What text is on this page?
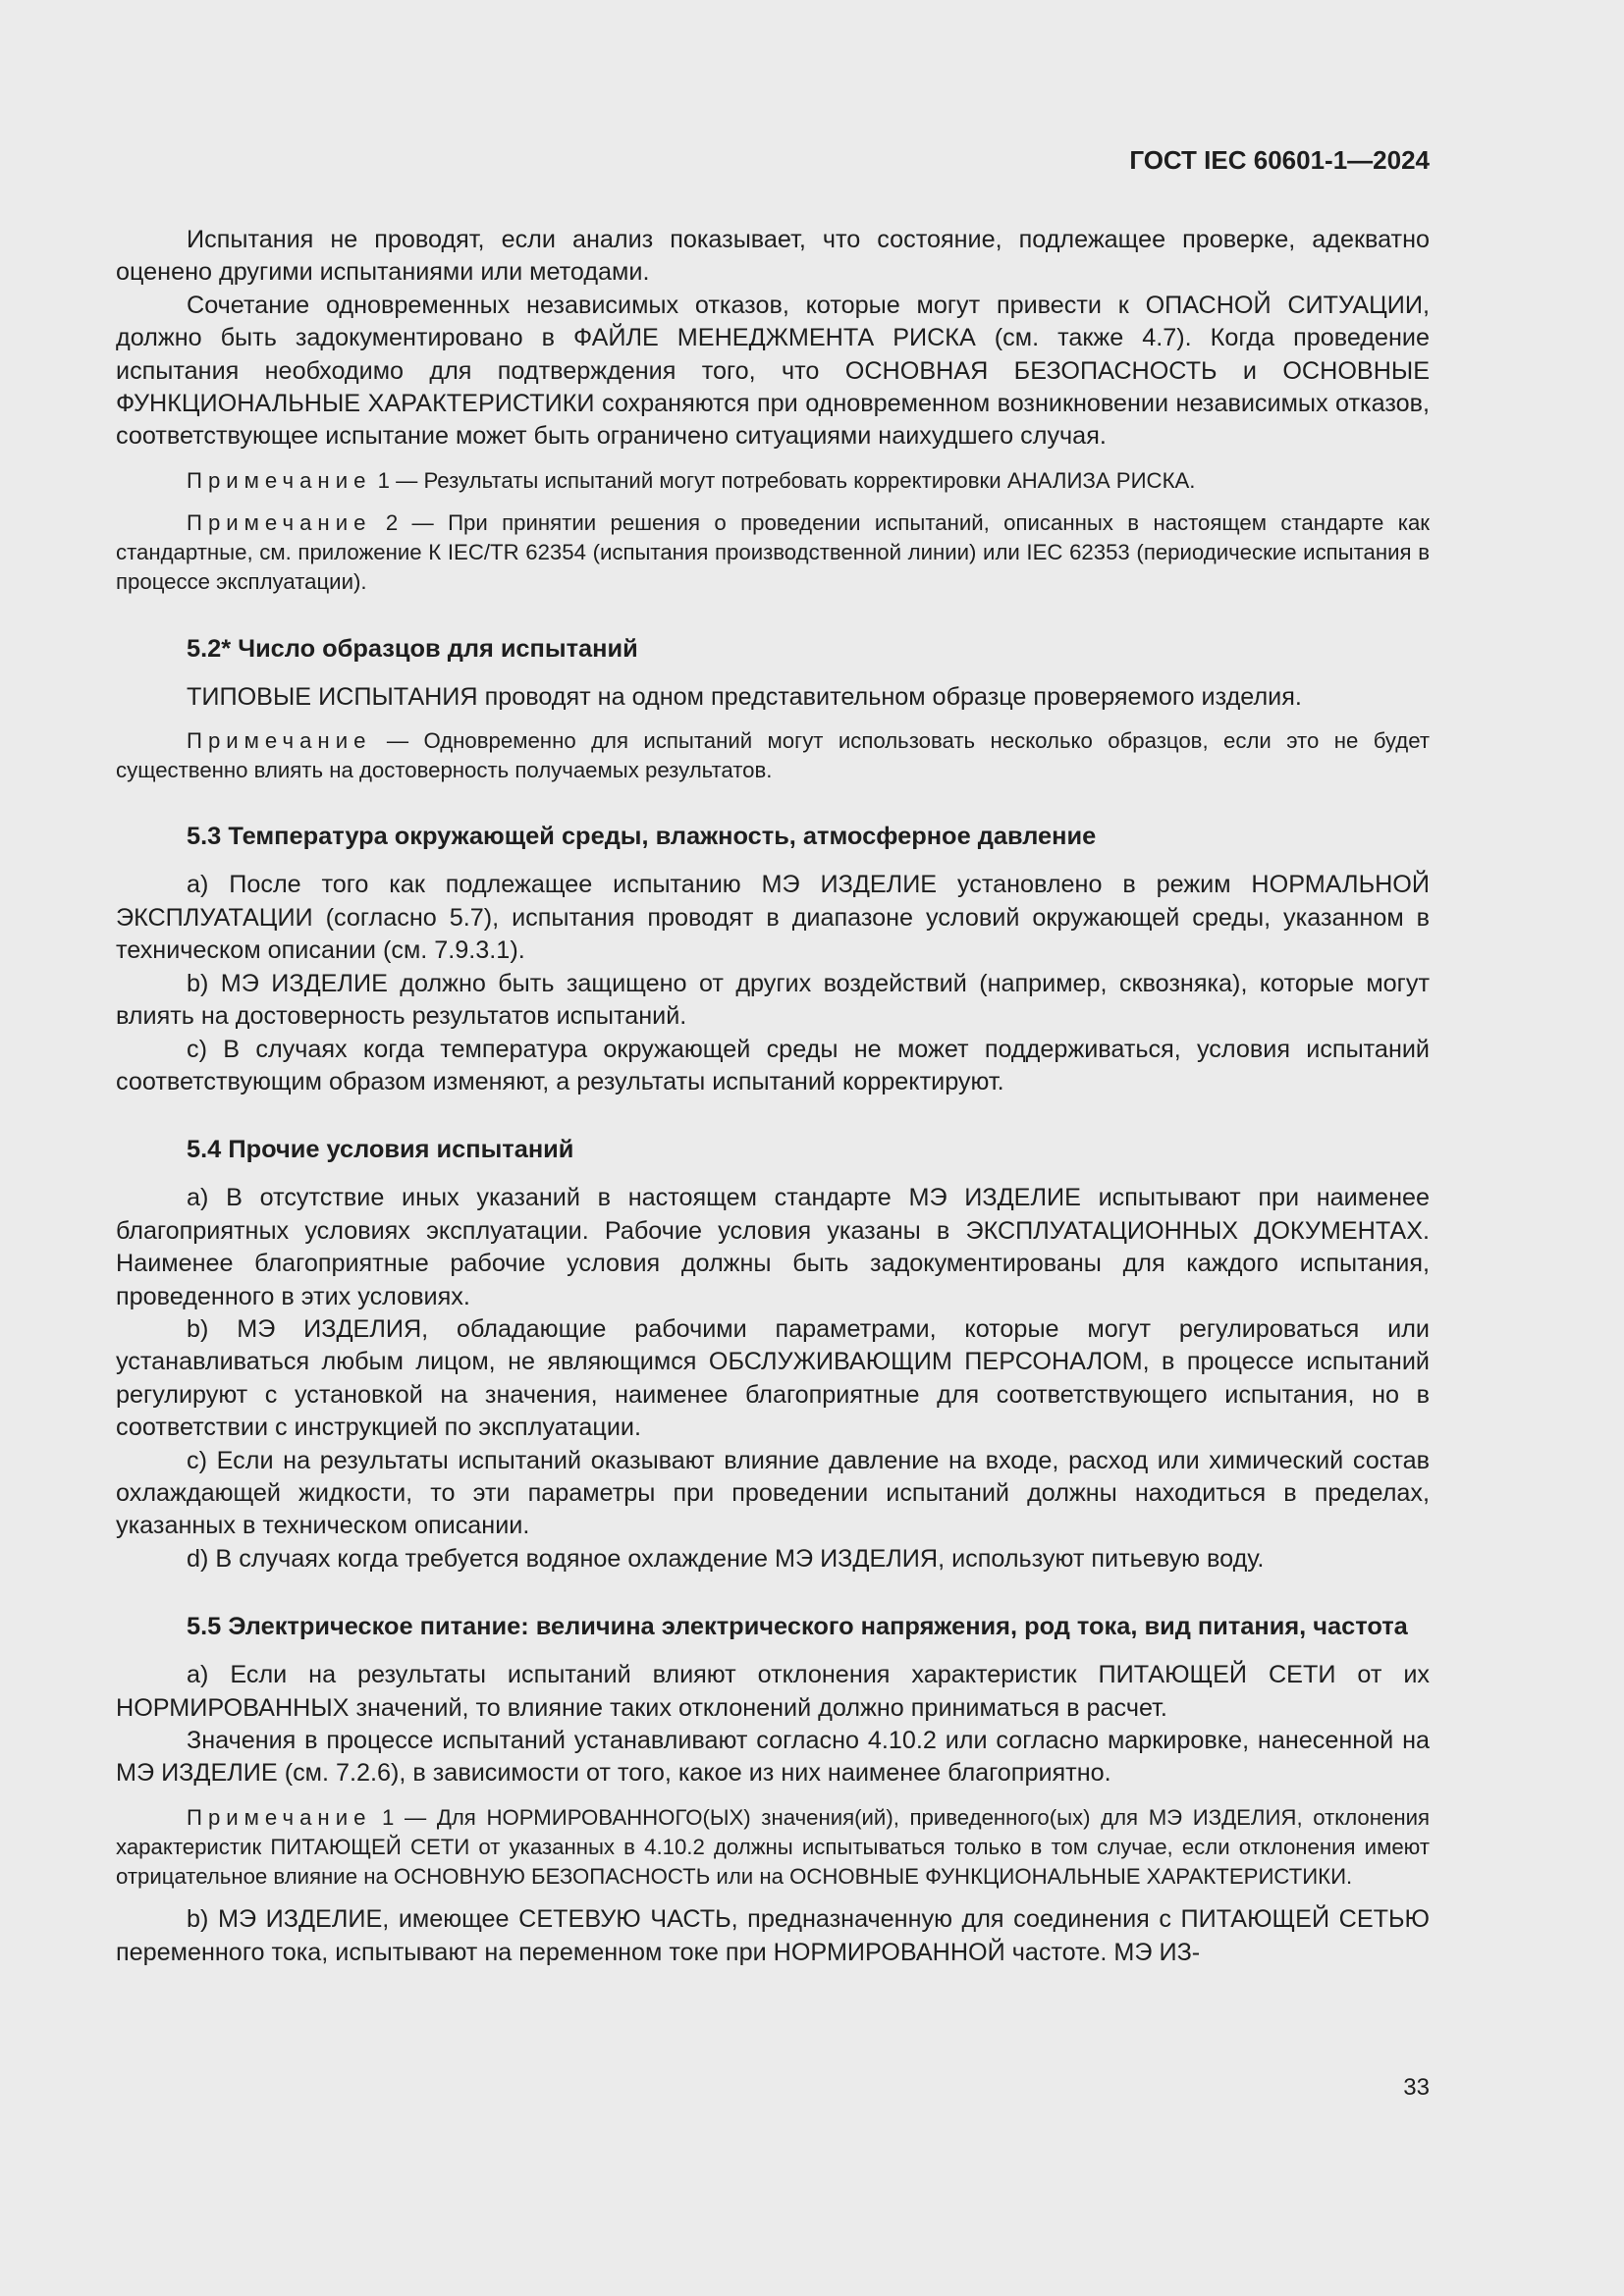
ГОСТ IEC 60601-1—2024

Испытания не проводят, если анализ показывает, что состояние, подлежащее проверке, адекватно оценено другими испытаниями или методами.

Сочетание одновременных независимых отказов, которые могут привести к ОПАСНОЙ СИТУАЦИИ, должно быть задокументировано в ФАЙЛЕ МЕНЕДЖМЕНТА РИСКА (см. также 4.7). Когда проведение испытания необходимо для подтверждения того, что ОСНОВНАЯ БЕЗОПАСНОСТЬ и ОСНОВНЫЕ ФУНКЦИОНАЛЬНЫЕ ХАРАКТЕРИСТИКИ сохраняются при одновременном возникновении независимых отказов, соответствующее испытание может быть ограничено ситуациями наихудшего случая.

Примечание 1 — Результаты испытаний могут потребовать корректировки АНАЛИЗА РИСКА.

Примечание 2 — При принятии решения о проведении испытаний, описанных в настоящем стандарте как стандартные, см. приложение К IEC/TR 62354 (испытания производственной линии) или IEC 62353 (периодические испытания в процессе эксплуатации).

5.2* Число образцов для испытаний

ТИПОВЫЕ ИСПЫТАНИЯ проводят на одном представительном образце проверяемого изделия.

Примечание — Одновременно для испытаний могут использовать несколько образцов, если это не будет существенно влиять на достоверность получаемых результатов.

5.3 Температура окружающей среды, влажность, атмосферное давление

a) После того как подлежащее испытанию МЭ ИЗДЕЛИЕ установлено в режим НОРМАЛЬНОЙ ЭКСПЛУАТАЦИИ (согласно 5.7), испытания проводят в диапазоне условий окружающей среды, указанном в техническом описании (см. 7.9.3.1).

b) МЭ ИЗДЕЛИЕ должно быть защищено от других воздействий (например, сквозняка), которые могут влиять на достоверность результатов испытаний.

c) В случаях когда температура окружающей среды не может поддерживаться, условия испытаний соответствующим образом изменяют, а результаты испытаний корректируют.

5.4 Прочие условия испытаний

a) В отсутствие иных указаний в настоящем стандарте МЭ ИЗДЕЛИЕ испытывают при наименее благоприятных условиях эксплуатации. Рабочие условия указаны в ЭКСПЛУАТАЦИОННЫХ ДОКУМЕНТАХ. Наименее благоприятные рабочие условия должны быть задокументированы для каждого испытания, проведенного в этих условиях.

b) МЭ ИЗДЕЛИЯ, обладающие рабочими параметрами, которые могут регулироваться или устанавливаться любым лицом, не являющимся ОБСЛУЖИВАЮЩИМ ПЕРСОНАЛОМ, в процессе испытаний регулируют с установкой на значения, наименее благоприятные для соответствующего испытания, но в соответствии с инструкцией по эксплуатации.

c) Если на результаты испытаний оказывают влияние давление на входе, расход или химический состав охлаждающей жидкости, то эти параметры при проведении испытаний должны находиться в пределах, указанных в техническом описании.

d) В случаях когда требуется водяное охлаждение МЭ ИЗДЕЛИЯ, используют питьевую воду.

5.5 Электрическое питание: величина электрического напряжения, род тока, вид питания, частота

a) Если на результаты испытаний влияют отклонения характеристик ПИТАЮЩЕЙ СЕТИ от их НОРМИРОВАННЫХ значений, то влияние таких отклонений должно приниматься в расчет.

Значения в процессе испытаний устанавливают согласно 4.10.2 или согласно маркировке, нанесенной на МЭ ИЗДЕЛИЕ (см. 7.2.6), в зависимости от того, какое из них наименее благоприятно.

Примечание 1 — Для НОРМИРОВАННОГО(ЫХ) значения(ий), приведенного(ых) для МЭ ИЗДЕЛИЯ, отклонения характеристик ПИТАЮЩЕЙ СЕТИ от указанных в 4.10.2 должны испытываться только в том случае, если отклонения имеют отрицательное влияние на ОСНОВНУЮ БЕЗОПАСНОСТЬ или на ОСНОВНЫЕ ФУНКЦИОНАЛЬНЫЕ ХАРАКТЕРИСТИКИ.

b) МЭ ИЗДЕЛИЕ, имеющее СЕТЕВУЮ ЧАСТЬ, предназначенную для соединения с ПИТАЮЩЕЙ СЕТЬЮ переменного тока, испытывают на переменном токе при НОРМИРОВАННОЙ частоте. МЭ ИЗ-

33
